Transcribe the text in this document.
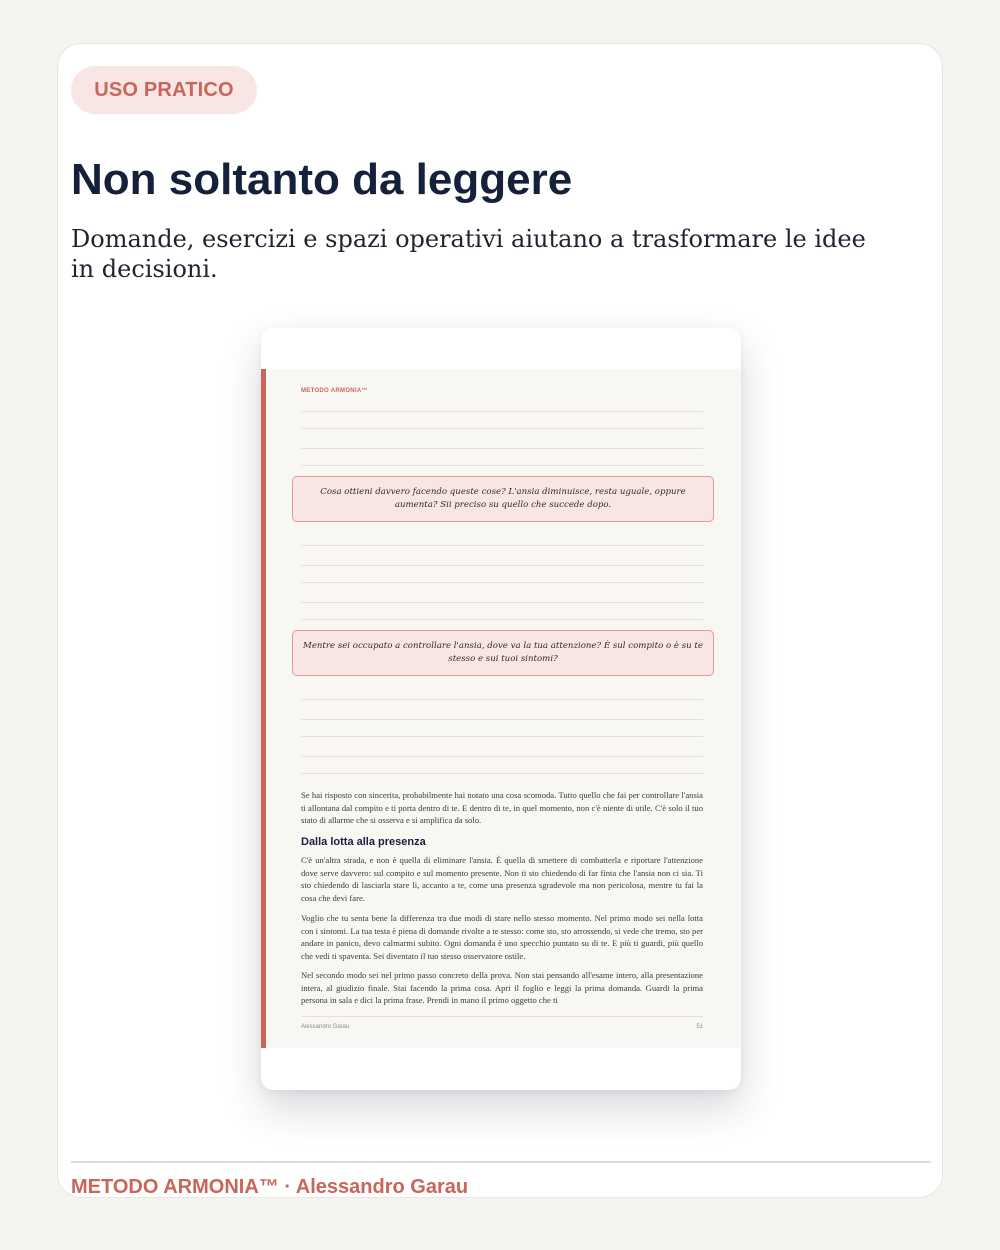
USO PRATICO
Non soltanto da leggere

Domande, esercizi e spazi operativi aiutano a trasformare le idee in decisioni.

METODO ARMONIA™
Cosa ottieni davvero facendo queste cose? L'ansia diminuisce, resta uguale, oppure aumenta? Sii preciso su quello che succede dopo.
Mentre sei occupato a controllare l'ansia, dove va la tua attenzione? È sul compito o è su te stesso e sui tuoi sintomi?

Se hai risposto con sincerita, probabilmente hai notato una cosa scomoda. Tutto quello che fai per controllare l'ansia ti allontana dal compito e ti porta dentro di te. E dentro di te, in quel momento, non c'è niente di utile. C'è solo il tuo stato di allarme che si osserva e si amplifica da solo.

Dalla lotta alla presenza

C'è un'altra strada, e non è quella di eliminare l'ansia. È quella di smettere di combatterla e riportare l'attenzione dove serve davvero: sul compito e sul momento presente. Non ti sto chiedendo di far finta che l'ansia non ci sia. Ti sto chiedendo di lasciarla stare li, accanto a te, come una presenza sgradevole ma non pericolosa, mentre tu fai la cosa che devi fare.

Voglio che tu senta bene la differenza tra due modi di stare nello stesso momento. Nel primo modo sei nella lotta con i sintomi. La tua testa è piena di domande rivolte a te stesso: come sto, sto arrossendo, si vede che tremo, sto per andare in panico, devo calmarmi subito. Ogni domanda è uno specchio puntato su di te. E più ti guardi, più quello che vedi ti spaventa. Sei diventato il tuo stesso osservatore ostile.

Nel secondo modo sei nel primo passo concreto della prova. Non stai pensando all'esame intero, alla presentazione intera, al giudizio finale. Stai facendo la prima cosa. Apri il foglio e leggi la prima domanda. Guardi la prima persona in sala e dici la prima frase. Prendi in mano il primo oggetto che ti

Alessandro Garau	51
METODO ARMONIA™ · Alessandro Garau
